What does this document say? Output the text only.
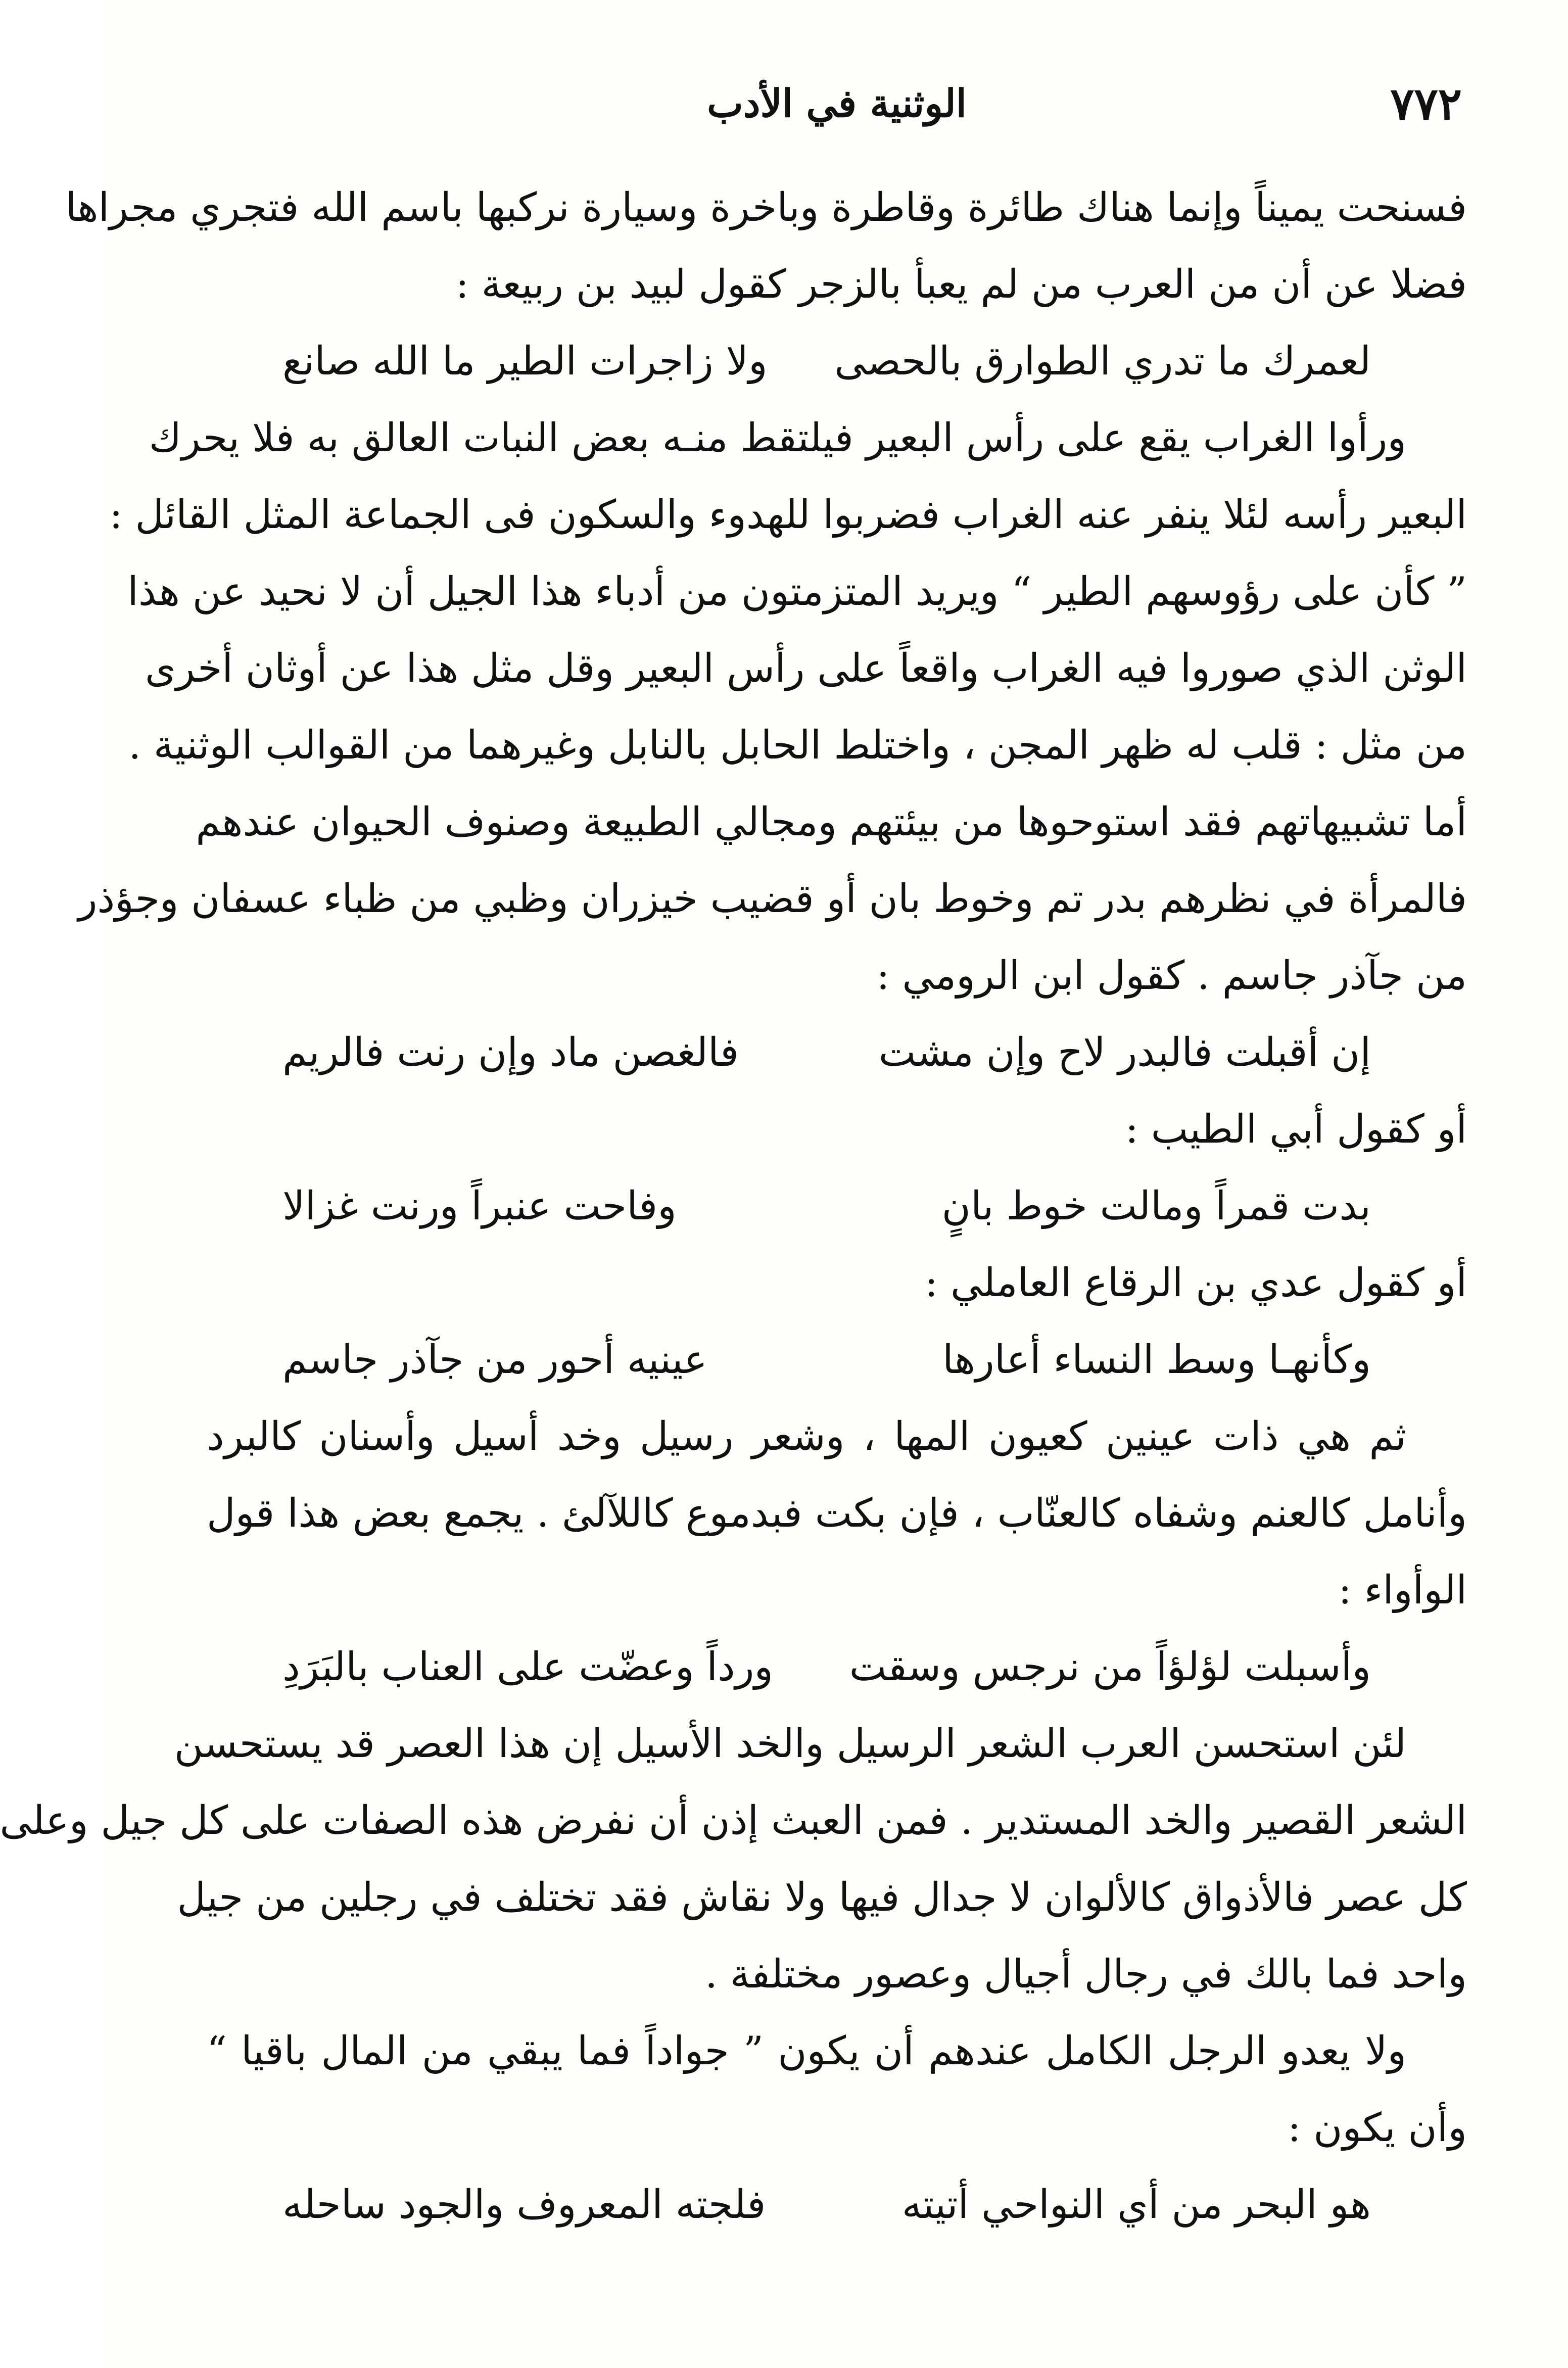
٧٧٢
الوثنية في الأدب
فسنحت يميناً وإنما هناك طائرة وقاطرة وباخرة وسيارة نركبها باسم الله فتجري مجراها
فضلا عن أن من العرب من لم يعبأ بالزجر كقول لبيد بن ربيعة :
لعمرك ما تدري الطوارق بالحصى
ولا زاجرات الطير ما الله صانع
ورأوا الغراب يقع على رأس البعير فيلتقط منـه بعض النبات العالق به فلا يحرك
البعير رأسه لئلا ينفر عنه الغراب فضربوا للهدوء والسكون فى الجماعة المثل القائل :
” كأن على رؤوسهم الطير “ ويريد المتزمتون من أدباء هذا الجيل أن لا نحيد عن هذا
الوثن الذي صوروا فيه الغراب واقعاً على رأس البعير وقل مثل هذا عن أوثان أخرى
من مثل : قلب له ظهر المجن ، واختلط الحابل بالنابل وغيرهما من القوالب الوثنية .
أما تشبيهاتهم فقد استوحوها من بيئتهم ومجالي الطبيعة وصنوف الحيوان عندهم
فالمرأة في نظرهم بدر تم وخوط بان أو قضيب خيزران وظبي من ظباء عسفان وجؤذر
من جآذر جاسم . كقول ابن الرومي :
إن أقبلت فالبدر لاح وإن مشت
فالغصن ماد وإن رنت فالريم
أو كقول أبي الطيب :
بدت قمراً ومالت خوط بانٍ
وفاحت عنبراً ورنت غزالا
أو كقول عدي بن الرقاع العاملي :
وكأنهـا وسط النساء أعارها
عينيه أحور من جآذر جاسم
ثم هي ذات عينين كعيون المها ، وشعر رسيل وخد أسيل وأسنان كالبرد
وأنامل كالعنم وشفاه كالعنّاب ، فإن بكت فبدموع كاللآلئ . يجمع بعض هذا قول
الوأواء :
وأسبلت لؤلؤاً من نرجس وسقت
ورداً وعضّت على العناب بالبَرَدِ
لئن استحسن العرب الشعر الرسيل والخد الأسيل إن هذا العصر قد يستحسن
الشعر القصير والخد المستدير . فمن العبث إذن أن نفرض هذه الصفات على كل جيل وعلى
كل عصر فالأذواق كالألوان لا جدال فيها ولا نقاش فقد تختلف في رجلين من جيل
واحد فما بالك في رجال أجيال وعصور مختلفة .
ولا يعدو الرجل الكامل عندهم أن يكون ” جواداً فما يبقي من المال باقيا “
وأن يكون :
هو البحر من أي النواحي أتيته
فلجته المعروف والجود ساحله
